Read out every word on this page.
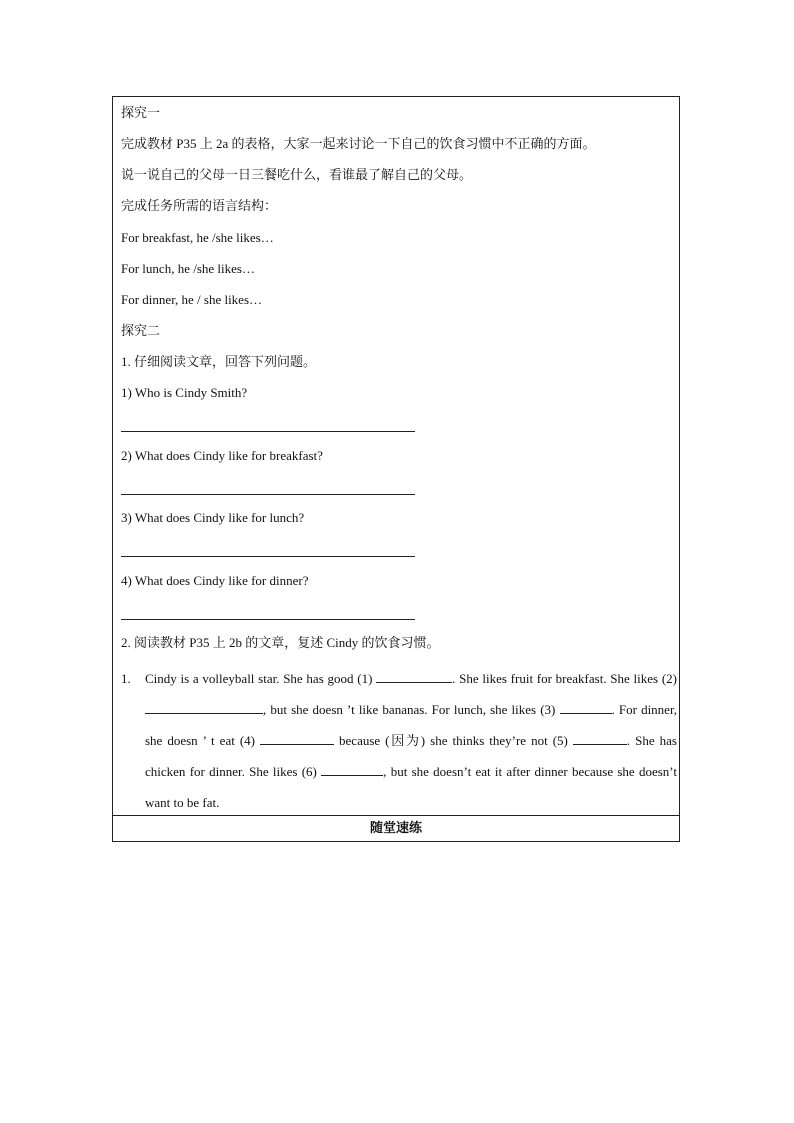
探究一
完成教材 P35 上 2a 的表格，大家一起来讨论一下自己的饮食习惯中不正确的方面。
说一说自己的父母一日三餐吃什么，看谁最了解自己的父母。
完成任务所需的语言结构：
For breakfast, he /she likes…
For lunch, he /she likes…
For dinner, he / she likes…
探究二
1. 仔细阅读文章，回答下列问题。
1) Who is Cindy Smith?
2) What does Cindy like for breakfast?
3) What does Cindy like for lunch?
4) What does Cindy like for dinner?
2. 阅读教材 P35 上 2b 的文章，复述 Cindy 的饮食习惯。
1. Cindy is a volleyball star. She has good (1)	. She likes fruit for breakfast. She likes (2) , but she doesn ’t like bananas. For lunch, she likes (3)	. For dinner, she doesn ’ t eat (4)	because (因为) she thinks they’re not (5)	. She has chicken for dinner. She likes (6)	, but she doesn’t eat it after dinner because she doesn’t want to be fat.
随堂速练
